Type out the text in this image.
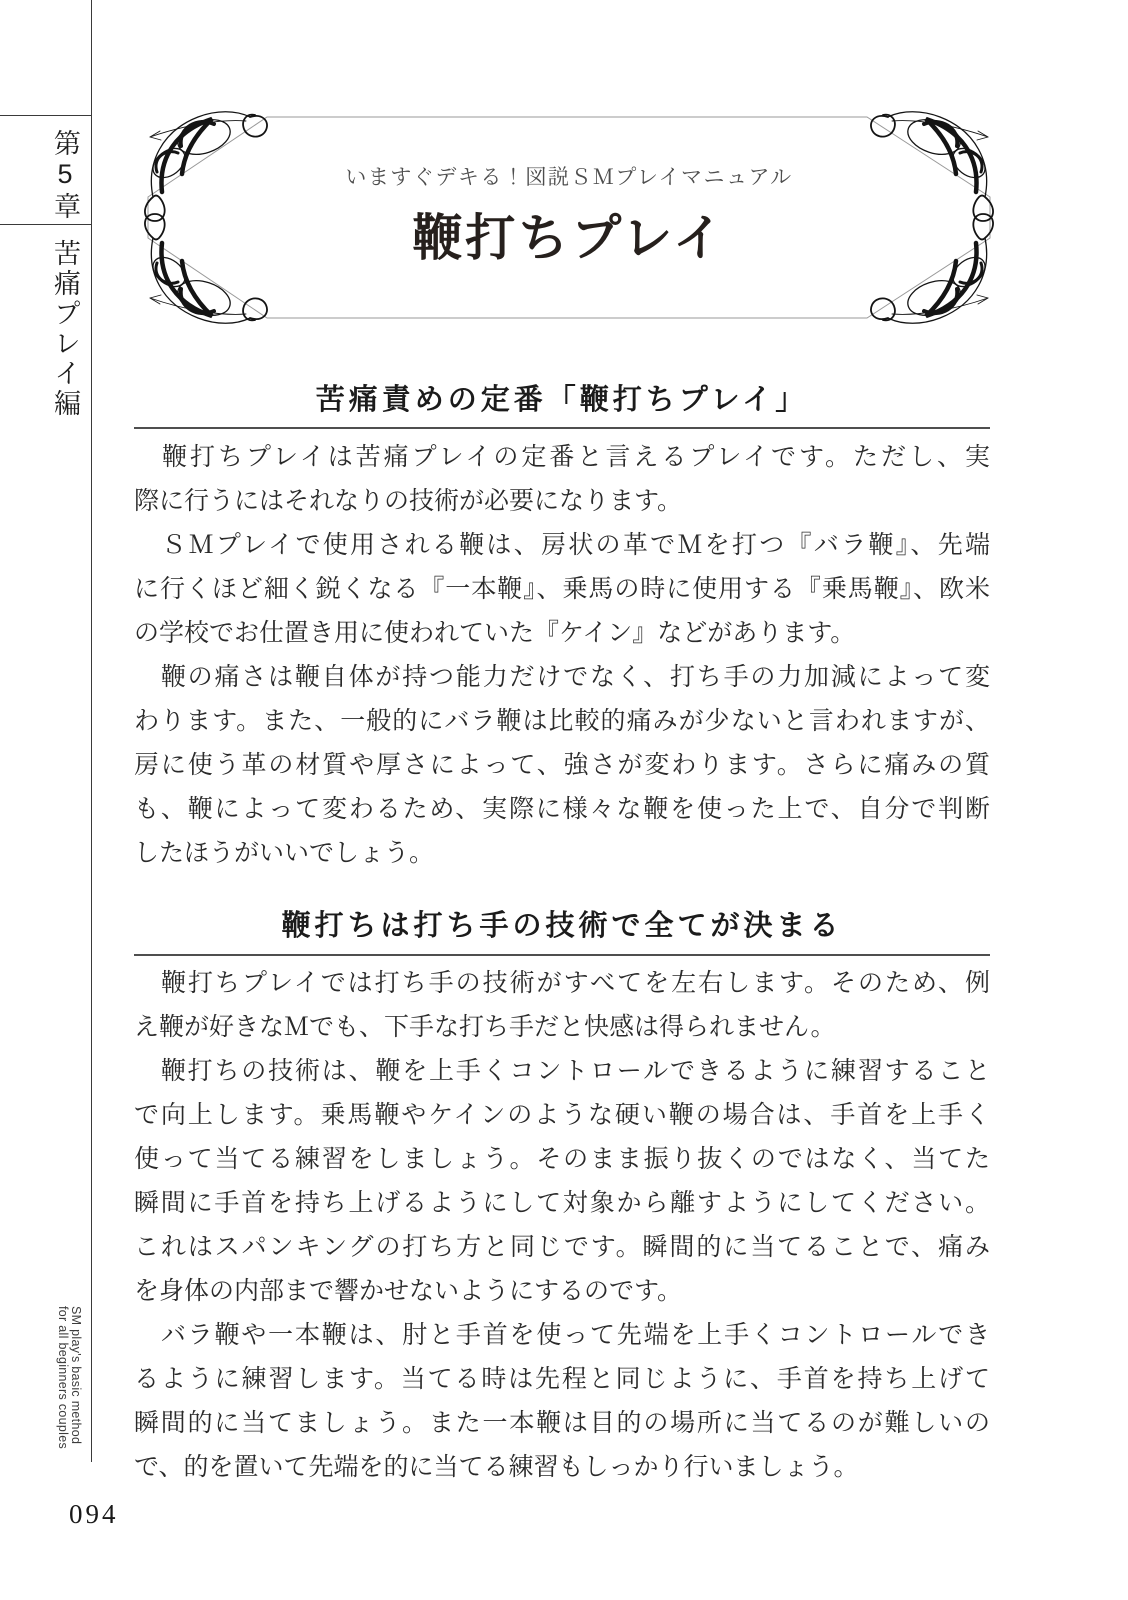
第5章
苦痛プレイ編
いますぐデキる！図説ＳＭプレイマニュアル
鞭打ちプレイ
苦痛責めの定番「鞭打ちプレイ」
　鞭打ちプレイは苦痛プレイの定番と言えるプレイです。ただし、実
際に行うにはそれなりの技術が必要になります。
　ＳＭプレイで使用される鞭は、房状の革でＭを打つ『バラ鞭』、先端
に行くほど細く鋭くなる『一本鞭』、乗馬の時に使用する『乗馬鞭』、欧米
の学校でお仕置き用に使われていた『ケイン』などがあります。
　鞭の痛さは鞭自体が持つ能力だけでなく、打ち手の力加減によって変
わります。また、一般的にバラ鞭は比較的痛みが少ないと言われますが、
房に使う革の材質や厚さによって、強さが変わります。さらに痛みの質
も、鞭によって変わるため、実際に様々な鞭を使った上で、自分で判断
したほうがいいでしょう。
鞭打ちは打ち手の技術で全てが決まる
　鞭打ちプレイでは打ち手の技術がすべてを左右します。そのため、例
え鞭が好きなＭでも、下手な打ち手だと快感は得られません。
　鞭打ちの技術は、鞭を上手くコントロールできるように練習すること
で向上します。乗馬鞭やケインのような硬い鞭の場合は、手首を上手く
使って当てる練習をしましょう。そのまま振り抜くのではなく、当てた
瞬間に手首を持ち上げるようにして対象から離すようにしてください。
これはスパンキングの打ち方と同じです。瞬間的に当てることで、痛み
を身体の内部まで響かせないようにするのです。
　バラ鞭や一本鞭は、肘と手首を使って先端を上手くコントロールでき
るように練習します。当てる時は先程と同じように、手首を持ち上げて
瞬間的に当てましょう。また一本鞭は目的の場所に当てるのが難しいの
で、的を置いて先端を的に当てる練習もしっかり行いましょう。
SM play's basic method
for all beginners couples
094
